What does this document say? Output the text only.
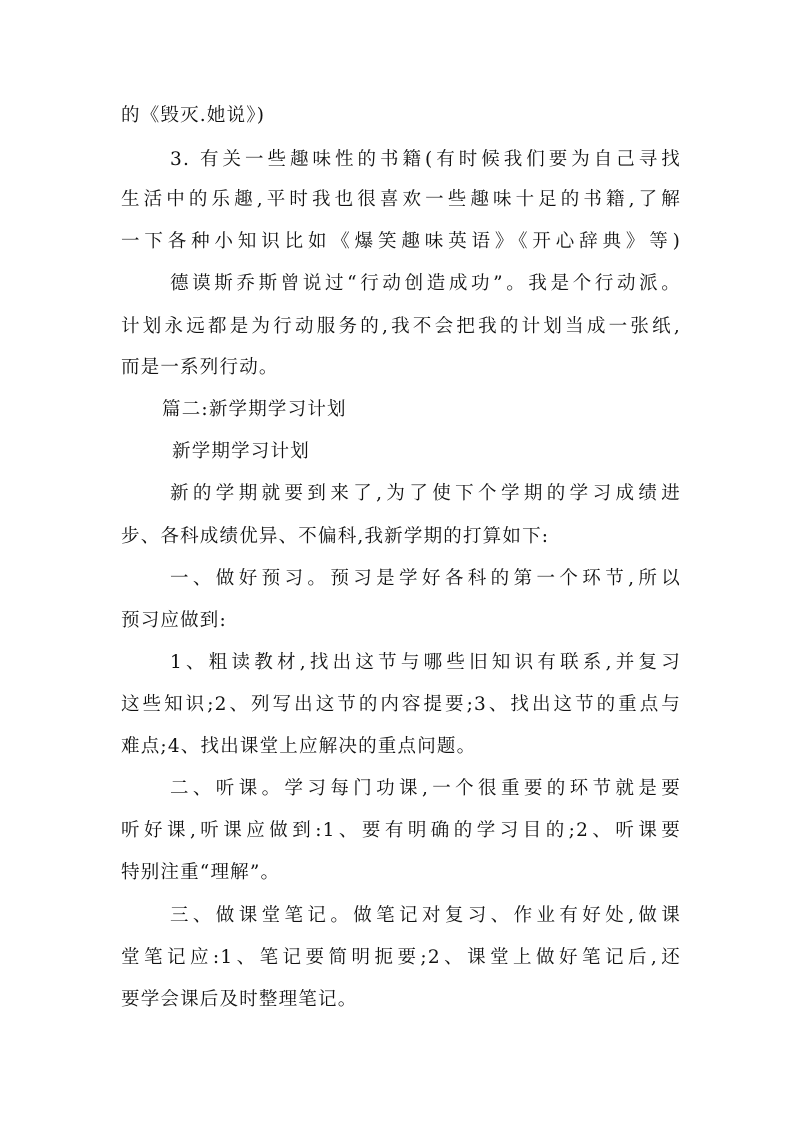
的《毁灭.她说》)
3. 有关一些趣味性的书籍(有时候我们要为自己寻找
生活中的乐趣,平时我也很喜欢一些趣味十足的书籍,了解
一下各种小知识比如《爆笑趣味英语》《开心辞典》等)
德谟斯乔斯曾说过“行动创造成功”。我是个行动派。
计划永远都是为行动服务的,我不会把我的计划当成一张纸,
而是一系列行动。
篇二:新学期学习计划
新学期学习计划
新的学期就要到来了,为了使下个学期的学习成绩进
步、各科成绩优异、不偏科,我新学期的打算如下:
一、做好预习。预习是学好各科的第一个环节,所以
预习应做到:
1、粗读教材,找出这节与哪些旧知识有联系,并复习
这些知识;2、列写出这节的内容提要;3、找出这节的重点与
难点;4、找出课堂上应解决的重点问题。
二、听课。学习每门功课,一个很重要的环节就是要
听好课,听课应做到:1、要有明确的学习目的;2、听课要
特别注重“理解”。
三、做课堂笔记。做笔记对复习、作业有好处,做课
堂笔记应:1、笔记要简明扼要;2、课堂上做好笔记后,还
要学会课后及时整理笔记。
